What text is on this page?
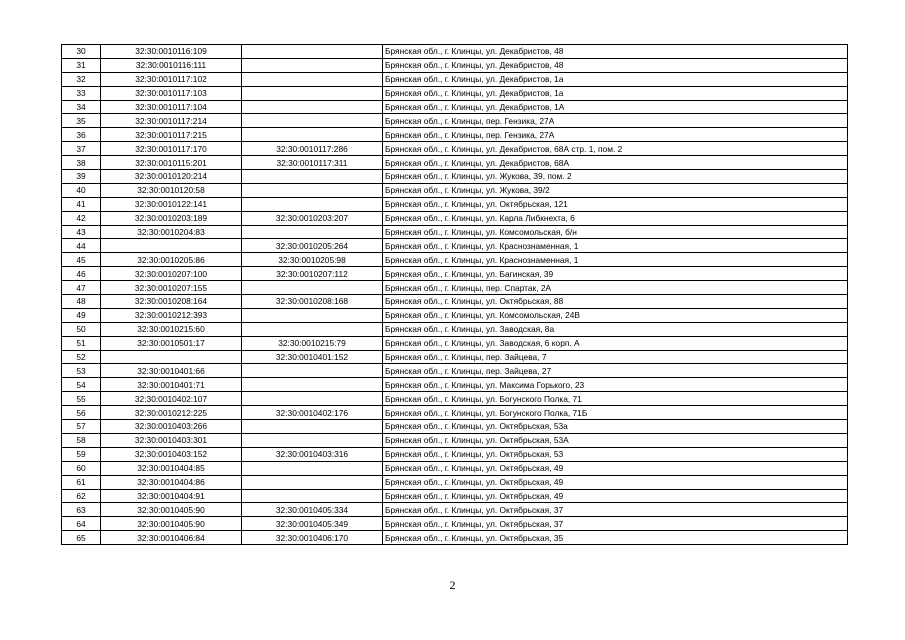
30	32:30:0010116:109		Брянская обл., г. Клинцы, ул. Декабристов, 48
31	32:30:0010116:111		Брянская обл., г. Клинцы, ул. Декабристов, 48
32	32:30:0010117:102		Брянская обл., г. Клинцы, ул. Декабристов, 1а
33	32:30:0010117:103		Брянская обл., г. Клинцы, ул. Декабристов, 1а
34	32:30:0010117:104		Брянская обл., г. Клинцы, ул. Декабристов, 1А
35	32:30:0010117:214		Брянская обл., г. Клинцы, пер. Гензика, 27А
36	32:30:0010117:215		Брянская обл., г. Клинцы, пер. Гензика, 27А
37	32:30:0010117:170	32:30:0010117:286	Брянская обл., г. Клинцы, ул. Декабристов, 68А стр. 1, пом. 2
38	32:30:0010115:201	32:30:0010117:311	Брянская обл., г. Клинцы, ул. Декабристов, 68А
39	32:30:0010120:214		Брянская обл., г. Клинцы, ул. Жукова, 39, пом. 2
40	32:30:0010120:58		Брянская обл., г. Клинцы, ул. Жукова, 39/2
41	32:30:0010122:141		Брянская обл., г. Клинцы, ул. Октябрьская, 121
42	32:30:0010203:189	32:30:0010203:207	Брянская обл., г. Клинцы, ул. Карла Либкнехта, 6
43	32:30:0010204:83		Брянская обл., г. Клинцы, ул. Комсомольская, б/н
44		32:30:0010205:264	Брянская обл., г. Клинцы, ул. Краснознаменная, 1
45	32:30:0010205:86	32:30:0010205:98	Брянская обл., г. Клинцы, ул. Краснознаменная, 1
46	32:30:0010207:100	32:30:0010207:112	Брянская обл., г. Клинцы, ул. Багинская, 39
47	32:30:0010207:155		Брянская обл., г. Клинцы, пер. Спартак, 2А
48	32:30:0010208:164	32:30:0010208:168	Брянская обл., г. Клинцы, ул. Октябрьская, 88
49	32:30:0010212:393		Брянская обл., г. Клинцы, ул. Комсомольская, 24В
50	32:30:0010215:60		Брянская обл., г. Клинцы, ул. Заводская, 8а
51	32:30:0010501:17	32:30:0010215:79	Брянская обл., г. Клинцы, ул. Заводская, 6 корп. А
52		32:30:0010401:152	Брянская обл., г. Клинцы, пер. Зайцева, 7
53	32:30:0010401:66		Брянская обл., г. Клинцы, пер. Зайцева, 27
54	32:30:0010401:71		Брянская обл., г. Клинцы, ул. Максима Горького, 23
55	32:30:0010402:107		Брянская обл., г. Клинцы, ул. Богунского Полка, 71
56	32:30:0010212:225	32:30:0010402:176	Брянская обл., г. Клинцы, ул. Богунского Полка, 71Б
57	32:30:0010403:266		Брянская обл., г. Клинцы, ул. Октябрьская, 53а
58	32:30:0010403:301		Брянская обл., г. Клинцы, ул. Октябрьская, 53А
59	32:30:0010403:152	32:30:0010403:316	Брянская обл., г. Клинцы, ул. Октябрьская, 53
60	32:30:0010404:85		Брянская обл., г. Клинцы, ул. Октябрьская, 49
61	32:30:0010404:86		Брянская обл., г. Клинцы, ул. Октябрьская, 49
62	32:30:0010404:91		Брянская обл., г. Клинцы, ул. Октябрьская, 49
63	32:30:0010405:90	32:30:0010405:334	Брянская обл., г. Клинцы, ул. Октябрьская, 37
64	32:30:0010405:90	32:30:0010405:349	Брянская обл., г. Клинцы, ул. Октябрьская, 37
65	32:30:0010406:84	32:30:0010406:170	Брянская обл., г. Клинцы, ул. Октябрьская, 35
2
